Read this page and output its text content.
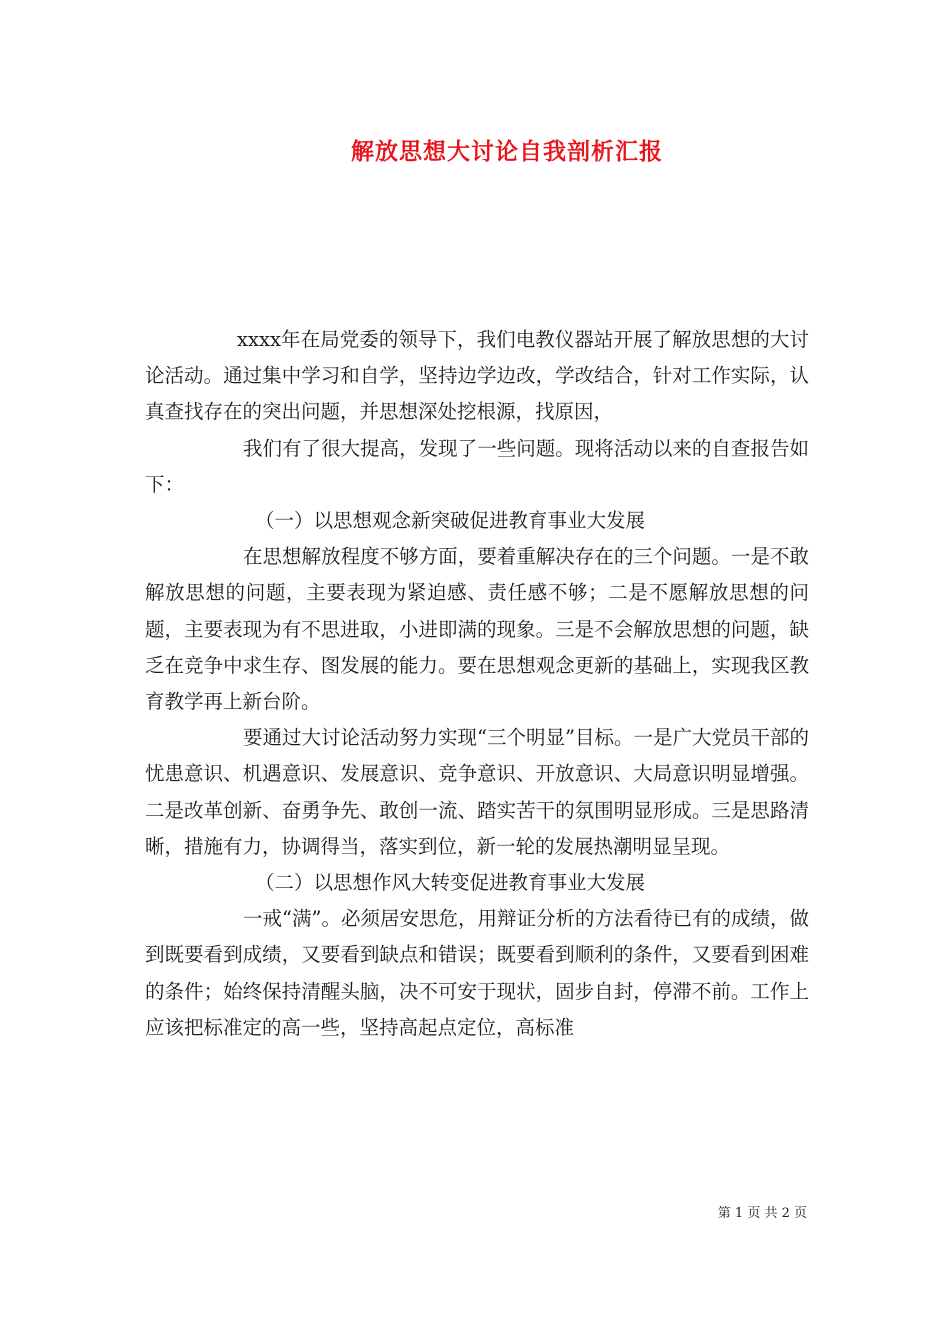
解放思想大讨论自我剖析汇报

xxxx年在局党委的领导下，我们电教仪器站开展了解放思想的大讨论活动。通过集中学习和自学，坚持边学边改，学改结合，针对工作实际，认真查找存在的突出问题，并思想深处挖根源，找原因，

我们有了很大提高，发现了一些问题。现将活动以来的自查报告如下：

（一）以思想观念新突破促进教育事业大发展

在思想解放程度不够方面，要着重解决存在的三个问题。一是不敢解放思想的问题，主要表现为紧迫感、责任感不够；二是不愿解放思想的问题，主要表现为有不思进取，小进即满的现象。三是不会解放思想的问题，缺乏在竞争中求生存、图发展的能力。要在思想观念更新的基础上，实现我区教育教学再上新台阶。

要通过大讨论活动努力实现“三个明显”目标。一是广大党员干部的忧患意识、机遇意识、发展意识、竞争意识、开放意识、大局意识明显增强。二是改革创新、奋勇争先、敢创一流、踏实苦干的氛围明显形成。三是思路清晰，措施有力，协调得当，落实到位，新一轮的发展热潮明显呈现。

（二）以思想作风大转变促进教育事业大发展

一戒“满”。必须居安思危，用辩证分析的方法看待已有的成绩，做到既要看到成绩，又要看到缺点和错误；既要看到顺利的条件，又要看到困难的条件；始终保持清醒头脑，决不可安于现状，固步自封，停滞不前。工作上应该把标准定的高一些，坚持高起点定位，高标准

第 1 页 共 2 页
